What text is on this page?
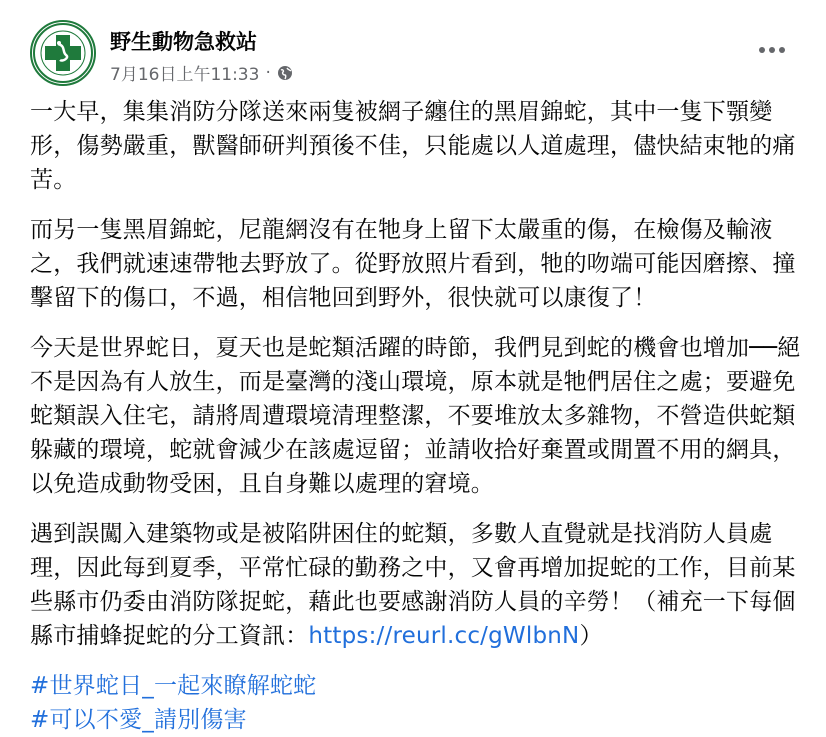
野生動物急救站
7月16日上午11:33 ·

一大早，集集消防分隊送來兩隻被網子纏住的黑眉錦蛇，其中一隻下顎變形，傷勢嚴重，獸醫師研判預後不佳，只能處以人道處理，儘快結束牠的痛苦。

而另一隻黑眉錦蛇，尼龍網沒有在牠身上留下太嚴重的傷，在檢傷及輸液之，我們就速速帶牠去野放了。從野放照片看到，牠的吻端可能因磨擦、撞擊留下的傷口，不過，相信牠回到野外，很快就可以康復了！

今天是世界蛇日，夏天也是蛇類活躍的時節，我們見到蛇的機會也增加──絕不是因為有人放生，而是臺灣的淺山環境，原本就是牠們居住之處；要避免蛇類誤入住宅，請將周遭環境清理整潔，不要堆放太多雜物，不營造供蛇類躲藏的環境，蛇就會減少在該處逗留；並請收拾好棄置或閒置不用的網具，以免造成動物受困，且自身難以處理的窘境。

遇到誤闖入建築物或是被陷阱困住的蛇類，多數人直覺就是找消防人員處理，因此每到夏季，平常忙碌的勤務之中，又會再增加捉蛇的工作，目前某些縣市仍委由消防隊捉蛇，藉此也要感謝消防人員的辛勞！（補充一下每個縣市捕蜂捉蛇的分工資訊：https://reurl.cc/gWlbnN）

#世界蛇日_一起來瞭解蛇蛇
#可以不愛_請別傷害
